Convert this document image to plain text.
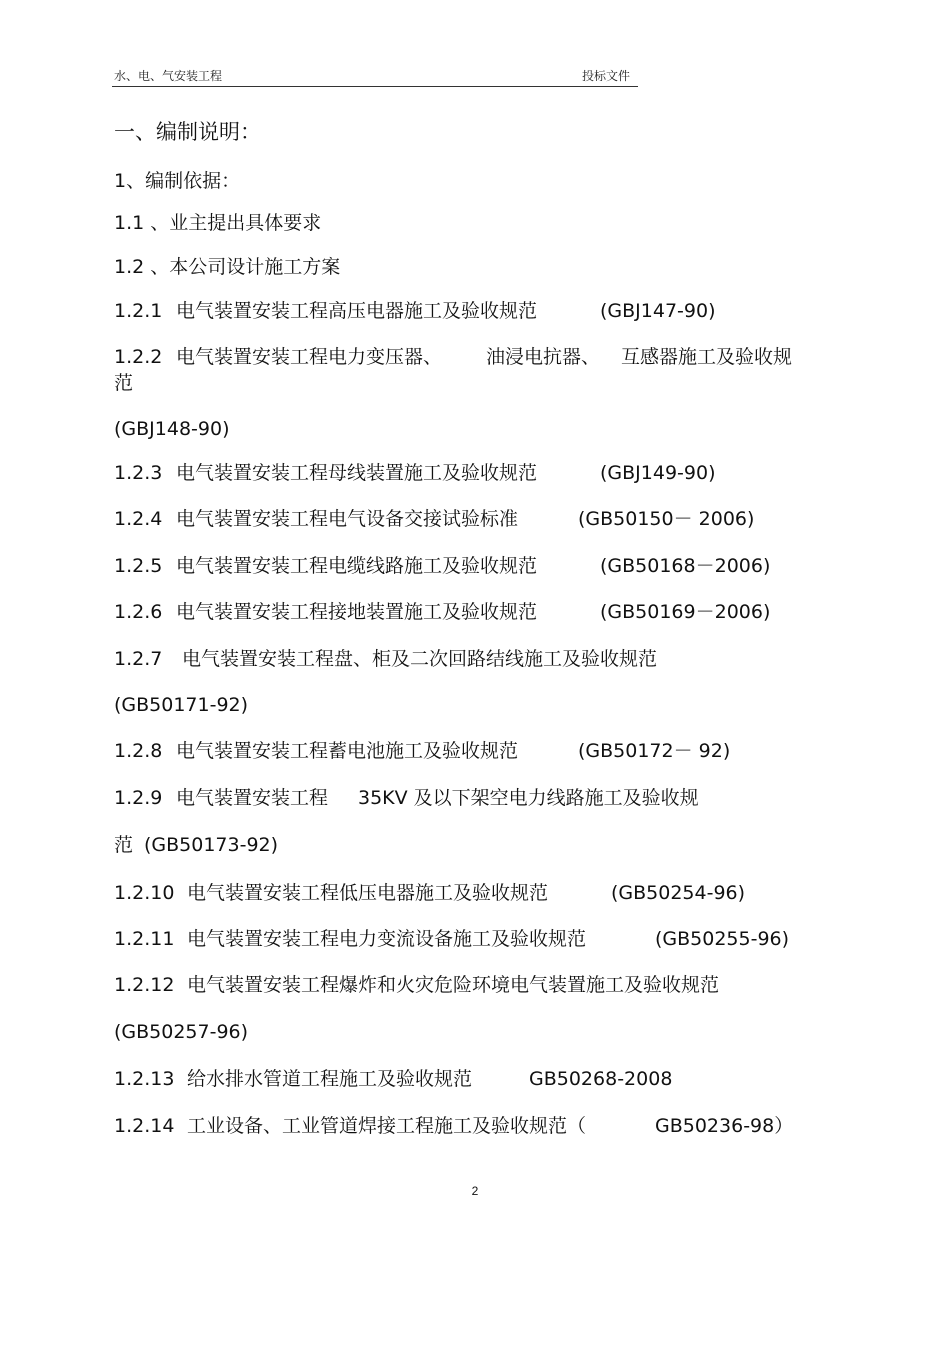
水、电、气安装工程	投标文件
一、编制说明：
1、编制依据：
1.1 、业主提出具体要求
1.2 、本公司设计施工方案
1.2.1 电气装置安装工程高压电器施工及验收规范	(GBJ147-90)
1.2.2 电气装置安装工程电力变压器、 油浸电抗器、 互感器施工及验收规
范
(GBJ148-90)
1.2.3 电气装置安装工程母线装置施工及验收规范	(GBJ149-90)
1.2.4 电气装置安装工程电气设备交接试验标准	(GB50150－ 2006)
1.2.5 电气装置安装工程电缆线路施工及验收规范	(GB50168－2006)
1.2.6 电气装置安装工程接地装置施工及验收规范	(GB50169－2006)
1.2.7 电气装置安装工程盘、柜及二次回路结线施工及验收规范
(GB50171-92)
1.2.8 电气装置安装工程蓄电池施工及验收规范	(GB50172－ 92)
1.2.9 电气装置安装工程 35KV 及以下架空电力线路施工及验收规
范 (GB50173-92)
1.2.10 电气装置安装工程低压电器施工及验收规范	(GB50254-96)
1.2.11 电气装置安装工程电力变流设备施工及验收规范	(GB50255-96)
1.2.12 电气装置安装工程爆炸和火灾危险环境电气装置施工及验收规范
(GB50257-96)
1.2.13 给水排水管道工程施工及验收规范	GB50268-2008
1.2.14 工业设备、工业管道焊接工程施工及验收规范（	GB50236-98）
2
